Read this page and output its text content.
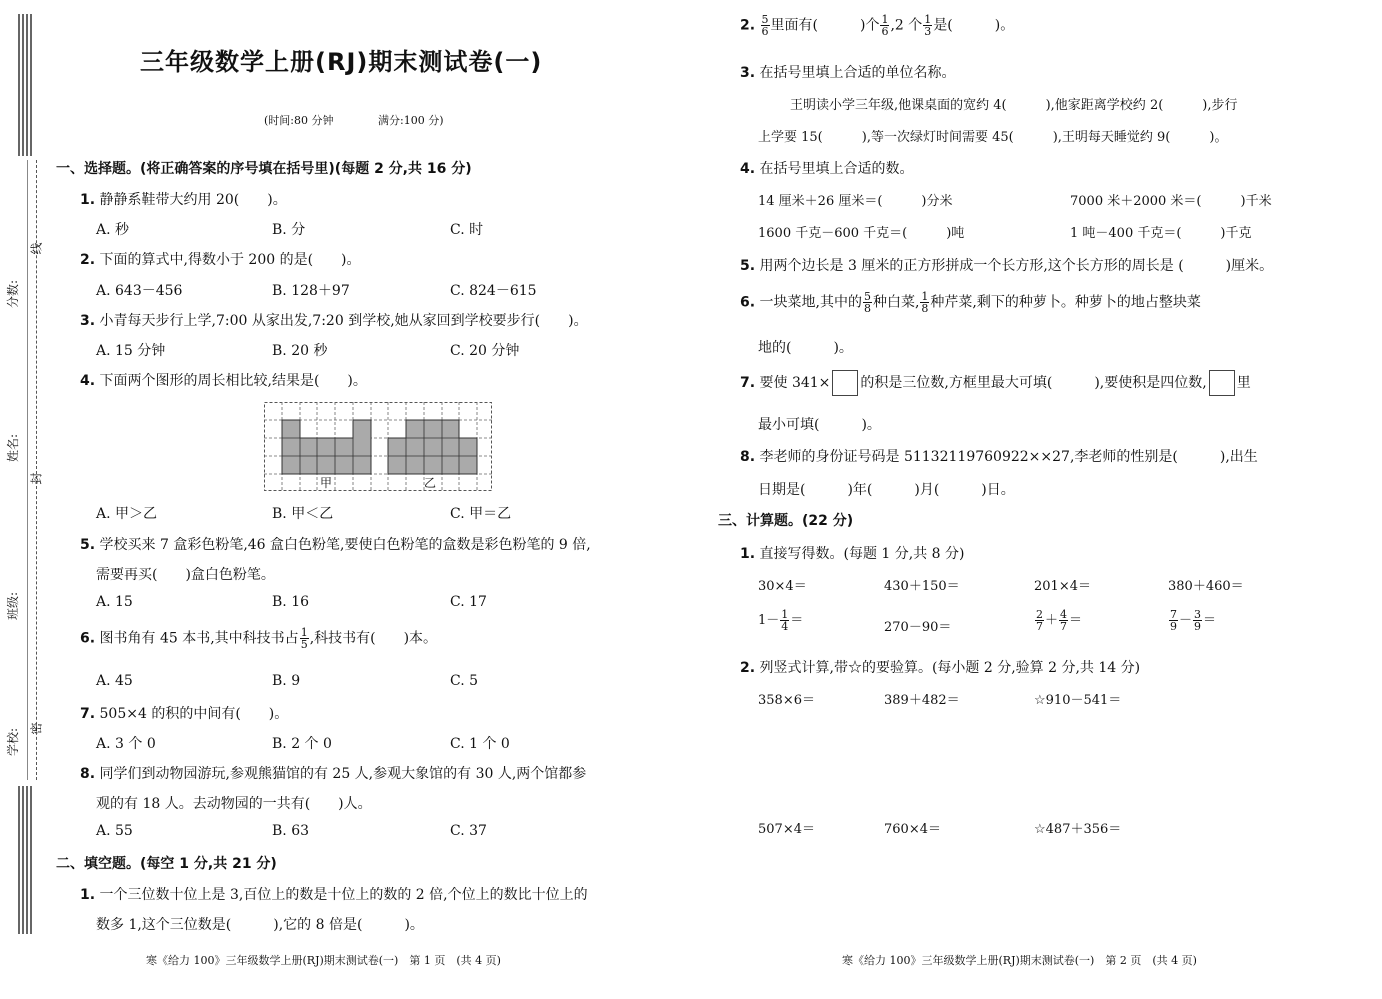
分数:
姓名:
班级:
学校:
线
封
密
三年级数学上册(RJ)期末测试卷(一)
(时间:80 分钟	满分:100 分)
一、选择题。(将正确答案的序号填在括号里)(每题 2 分,共 16 分)
1. 静静系鞋带大约用 20(　　)。
A. 秒	B. 分	C. 时
2. 下面的算式中,得数小于 200 的是(　　)。
A. 643－456	B. 128＋97	C. 824－615
3. 小青每天步行上学,7:00 从家出发,7:20 到学校,她从家回到学校要步行(　　)。
A. 15 分钟	B. 20 秒	C. 20 分钟
4. 下面两个图形的周长相比较,结果是(　　)。
甲	乙
A. 甲＞乙	B. 甲＜乙	C. 甲＝乙
5. 学校买来 7 盒彩色粉笔,46 盒白色粉笔,要使白色粉笔的盒数是彩色粉笔的 9 倍,
需要再买(　　)盒白色粉笔。
A. 15	B. 16	C. 17
6. 图书角有 45 本书,其中科技书占 $\frac{1}{5}$ ,科技书有(　　)本。
A. 45	B. 9	C. 5
7. 505×4 的积的中间有(　　)。
A. 3 个 0	B. 2 个 0	C. 1 个 0
8. 同学们到动物园游玩,参观熊猫馆的有 25 人,参观大象馆的有 30 人,两个馆都参
观的有 18 人。去动物园的一共有(　　)人。
A. 55	B. 63	C. 37
二、填空题。(每空 1 分,共 21 分)
1. 一个三位数十位上是 3,百位上的数是十位上的数的 2 倍,个位上的数比十位上的
数多 1,这个三位数是(　　　),它的 8 倍是(　　　)。
寒《给力 100》三年级数学上册(RJ)期末测试卷(一)　第 1 页　(共 4 页)
2. $\frac{5}{6}$ 里面有(　　　)个 $\frac{1}{6} ,2$ 个 $\frac{1}{3}$ 是(　　　)。
3. 在括号里填上合适的单位名称。
王明读小学三年级,他课桌面的宽约 4(　　　),他家距离学校约 2(　　　),步行
上学要 15(　　　),等一次绿灯时间需要 45(　　　),王明每天睡觉约 9(　　　)。
4. 在括号里填上合适的数。
14 厘米＋26 厘米＝(　　　)分米	7000 米＋2000 米＝(　　　)千米
1600 千克－600 千克＝(　　　)吨	1 吨－400 千克＝(　　　)千克
5. 用两个边长是 3 厘米的正方形拼成一个长方形,这个长方形的周长是 (　　　)厘米。
6. 一块菜地,其中的 $\frac{5}{8}$ 种白菜, $\frac{1}{8}$ 种芹菜,剩下的种萝卜。种萝卜的地占整块菜
地的(　　　)。
7. 要使 341× 的积是三位数,方框里最大可填(　　　),要使积是四位数, 里
最小可填(　　　)。
8. 李老师的身份证号码是 51132119760922××27,李老师的性别是(　　　),出生
日期是(　　　)年(　　　)月(　　　)日。
三、计算题。(22 分)
1. 直接写得数。(每题 1 分,共 8 分)
30×4＝	430＋150＝	201×4＝	380＋460＝
$1- \frac{1}{4}$ ＝	270－90＝	$\frac{2}{7} + \frac{4}{7}$ ＝	$\frac{7}{9} - \frac{3}{9}$ ＝
2. 列竖式计算,带☆的要验算。(每小题 2 分,验算 2 分,共 14 分)
358×6＝	389＋482＝	☆910－541＝
507×4＝	760×4＝	☆487＋356＝
寒《给力 100》三年级数学上册(RJ)期末测试卷(一)　第 2 页　(共 4 页)
